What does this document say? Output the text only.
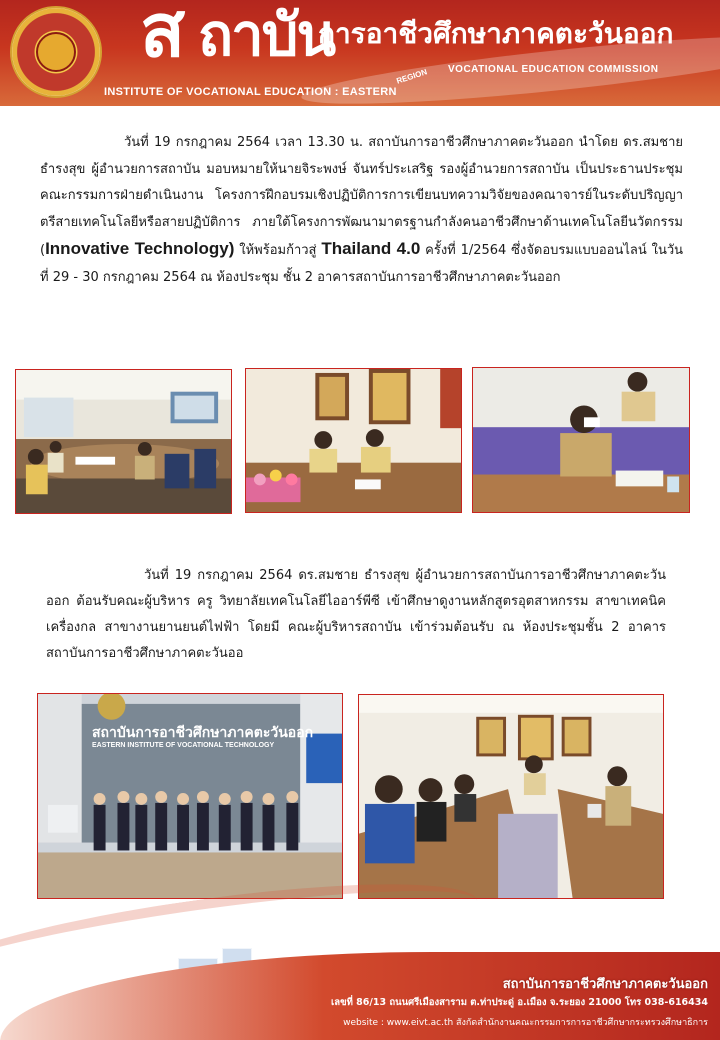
ส ถาบัน
การอาชีวศึกษาภาคตะวันออก
VOCATIONAL EDUCATION COMMISSION
REGION
INSTITUTE OF VOCATIONAL EDUCATION : EASTERN

วันที่ 19 กรกฎาคม 2564 เวลา 13.30 น. สถาบันการอาชีวศึกษาภาคตะวันออก นำโดย ดร.สมชาย ธำรงสุข ผู้อำนวยการสถาบัน มอบหมายให้นายจิระพงษ์ จันทร์ประเสริฐ รองผู้อำนวยการสถาบัน เป็นประธานประชุมคณะกรรมการฝ่ายดำเนินงาน โครงการฝึกอบรมเชิงปฏิบัติการการเขียนบทความวิจัยของคณาจารย์ในระดับปริญญาตรีสายเทคโนโลยีหรือสายปฏิบัติการ ภายใต้โครงการพัฒนามาตรฐานกำลังคนอาชีวศึกษาด้านเทคโนโลยีนวัตกรรม (Innovative Technology) ให้พร้อมก้าวสู่ Thailand 4.0 ครั้งที่ 1/2564 ซึ่งจัดอบรมแบบออนไลน์ ในวันที่ 29 - 30 กรกฎาคม 2564 ณ ห้องประชุม ชั้น 2 อาคารสถาบันการอาชีวศึกษาภาคตะวันออก

วันที่ 19 กรกฎาคม 2564 ดร.สมชาย ธำรงสุข ผู้อำนวยการสถาบันการอาชีวศึกษาภาคตะวันออก ต้อนรับคณะผู้บริหาร ครู วิทยาลัยเทคโนโลยีไออาร์พีซี เข้าศึกษาดูงานหลักสูตรอุตสาหกรรม สาขาเทคนิคเครื่องกล สาขางานยานยนต์ไฟฟ้า โดยมี คณะผู้บริหารสถาบัน เข้าร่วมต้อนรับ ณ ห้องประชุมชั้น 2 อาคารสถาบันการอาชีวศึกษาภาคตะวันออ

สถาบันการอาชีวศึกษาภาคตะวันออก
EASTERN INSTITUTE OF VOCATIONAL TECHNOLOGY
สถาบันการอาชีวศึกษาภาคตะวันออก
เลขที่ 86/13 ถนนศรีเมืองสาราม ต.ท่าประดู่ อ.เมือง จ.ระยอง 21000 โทร 038-616434
website : www.eivt.ac.th สังกัดสำนักงานคณะกรรมการการอาชีวศึกษากระทรวงศึกษาธิการ
